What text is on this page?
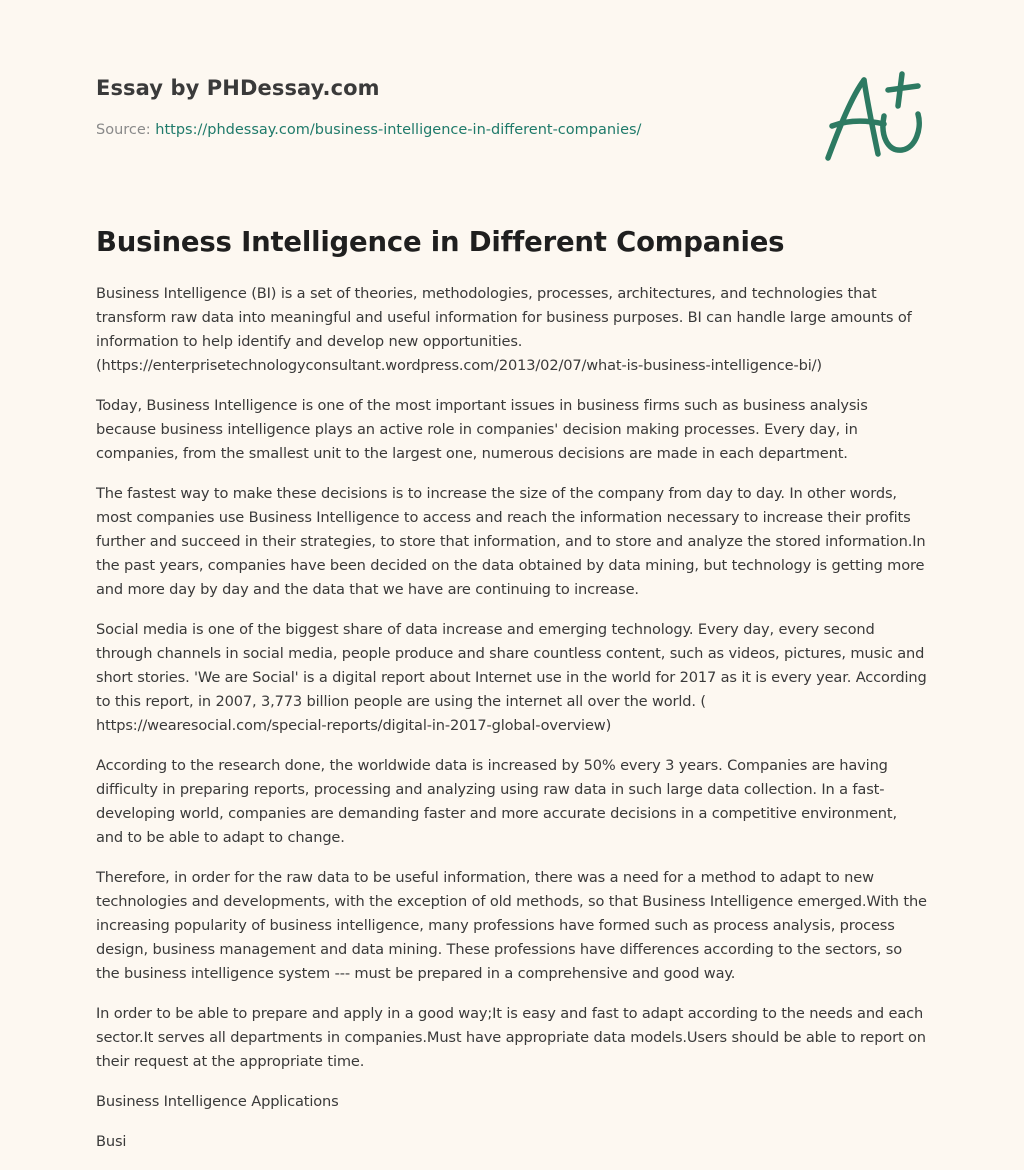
Essay by PHDessay.com
Source: https://phdessay.com/business-intelligence-in-different-companies/
Business Intelligence in Different Companies

Business Intelligence (BI) is a set of theories, methodologies, processes, architectures, and technologies that transform raw data into meaningful and useful information for business purposes. BI can handle large amounts of information to help identify and develop new opportunities. (https://enterprisetechnologyconsultant.wordpress.com/2013/02/07/what-is-business-intelligence-bi/)

Today, Business Intelligence is one of the most important issues in business firms such as business analysis because business intelligence plays an active role in companies' decision making processes. Every day, in companies, from the smallest unit to the largest one, numerous decisions are made in each department.

The fastest way to make these decisions is to increase the size of the company from day to day. In other words, most companies use Business Intelligence to access and reach the information necessary to increase their profits further and succeed in their strategies, to store that information, and to store and analyze the stored information.In the past years, companies have been decided on the data obtained by data mining, but technology is getting more and more day by day and the data that we have are continuing to increase.

Social media is one of the biggest share of data increase and emerging technology. Every day, every second through channels in social media, people produce and share countless content, such as videos, pictures, music and short stories. 'We are Social' is a digital report about Internet use in the world for 2017 as it is every year. According to this report, in 2007, 3,773 billion people are using the internet all over the world. ( https://wearesocial.com/special-reports/digital-in-2017-global-overview)

According to the research done, the worldwide data is increased by 50% every 3 years. Companies are having difficulty in preparing reports, processing and analyzing using raw data in such large data collection. In a fast-developing world, companies are demanding faster and more accurate decisions in a competitive environment, and to be able to adapt to change.

Therefore, in order for the raw data to be useful information, there was a need for a method to adapt to new technologies and developments, with the exception of old methods, so that Business Intelligence emerged.With the increasing popularity of business intelligence, many professions have formed such as process analysis, process design, business management and data mining. These professions have differences according to the sectors, so the business intelligence system --- must be prepared in a comprehensive and good way.

In order to be able to prepare and apply in a good way;It is easy and fast to adapt according to the needs and each sector.It serves all departments in companies.Must have appropriate data models.Users should be able to report on their request at the appropriate time.

Business Intelligence Applications

Busi
